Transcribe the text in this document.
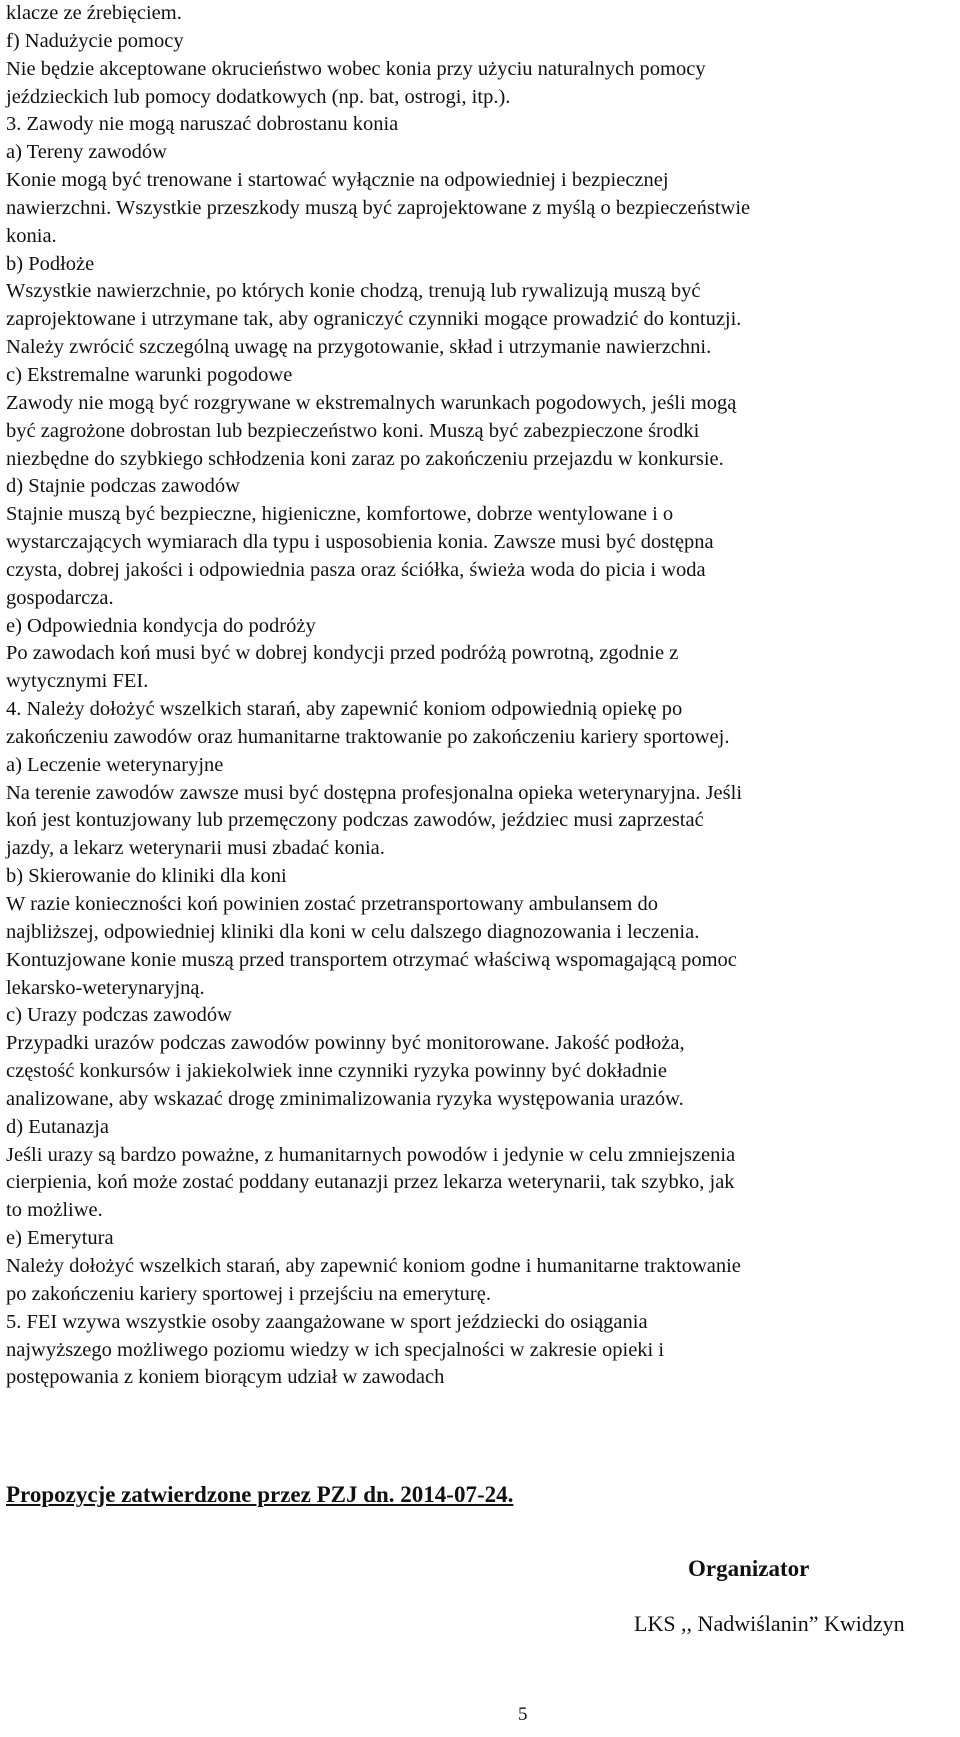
klacze ze źrebięciem.
f) Nadużycie pomocy
Nie będzie akceptowane okrucieństwo wobec konia przy użyciu naturalnych pomocy
jeździeckich lub pomocy dodatkowych (np. bat, ostrogi, itp.).
3. Zawody nie mogą naruszać dobrostanu konia
a) Tereny zawodów
Konie mogą być trenowane i startować wyłącznie na odpowiedniej i bezpiecznej
nawierzchni. Wszystkie przeszkody muszą być zaprojektowane z myślą o bezpieczeństwie
konia.
b) Podłoże
Wszystkie nawierzchnie, po których konie chodzą, trenują lub rywalizują muszą być
zaprojektowane i utrzymane tak, aby ograniczyć czynniki mogące prowadzić do kontuzji.
Należy zwrócić szczególną uwagę na przygotowanie, skład i utrzymanie nawierzchni.
c) Ekstremalne warunki pogodowe
Zawody nie mogą być rozgrywane w ekstremalnych warunkach pogodowych, jeśli mogą
być zagrożone dobrostan lub bezpieczeństwo koni. Muszą być zabezpieczone środki
niezbędne do szybkiego schłodzenia koni zaraz po zakończeniu przejazdu w konkursie.
d) Stajnie podczas zawodów
Stajnie muszą być bezpieczne, higieniczne, komfortowe, dobrze wentylowane i o
wystarczających wymiarach dla typu i usposobienia konia. Zawsze musi być dostępna
czysta, dobrej jakości i odpowiednia pasza oraz ściółka, świeża woda do picia i woda
gospodarcza.
e) Odpowiednia kondycja do podróży
Po zawodach koń musi być w dobrej kondycji przed podróżą powrotną, zgodnie z
wytycznymi FEI.
4. Należy dołożyć wszelkich starań, aby zapewnić koniom odpowiednią opiekę po
zakończeniu zawodów oraz humanitarne traktowanie po zakończeniu kariery sportowej.
a) Leczenie weterynaryjne
Na terenie zawodów zawsze musi być dostępna profesjonalna opieka weterynaryjna. Jeśli
koń jest kontuzjowany lub przemęczony podczas zawodów, jeździec musi zaprzestać
jazdy, a lekarz weterynarii musi zbadać konia.
b) Skierowanie do kliniki dla koni
W razie konieczności koń powinien zostać przetransportowany ambulansem do
najbliższej, odpowiedniej kliniki dla koni w celu dalszego diagnozowania i leczenia.
Kontuzjowane konie muszą przed transportem otrzymać właściwą wspomagającą pomoc
lekarsko-weterynaryjną.
c) Urazy podczas zawodów
Przypadki urazów podczas zawodów powinny być monitorowane. Jakość podłoża,
częstość konkursów i jakiekolwiek inne czynniki ryzyka powinny być dokładnie
analizowane, aby wskazać drogę zminimalizowania ryzyka występowania urazów.
d) Eutanazja
Jeśli urazy są bardzo poważne, z humanitarnych powodów i jedynie w celu zmniejszenia
cierpienia, koń może zostać poddany eutanazji przez lekarza weterynarii, tak szybko, jak
to możliwe.
e) Emerytura
Należy dołożyć wszelkich starań, aby zapewnić koniom godne i humanitarne traktowanie
po zakończeniu kariery sportowej i przejściu na emeryturę.
5. FEI wzywa wszystkie osoby zaangażowane w sport jeździecki do osiągania
najwyższego możliwego poziomu wiedzy w ich specjalności w zakresie opieki i
postępowania z koniem biorącym udział w zawodach
Propozycje zatwierdzone przez PZJ dn. 2014-07-24.
Organizator
LKS ,, Nadwiślanin” Kwidzyn
5
